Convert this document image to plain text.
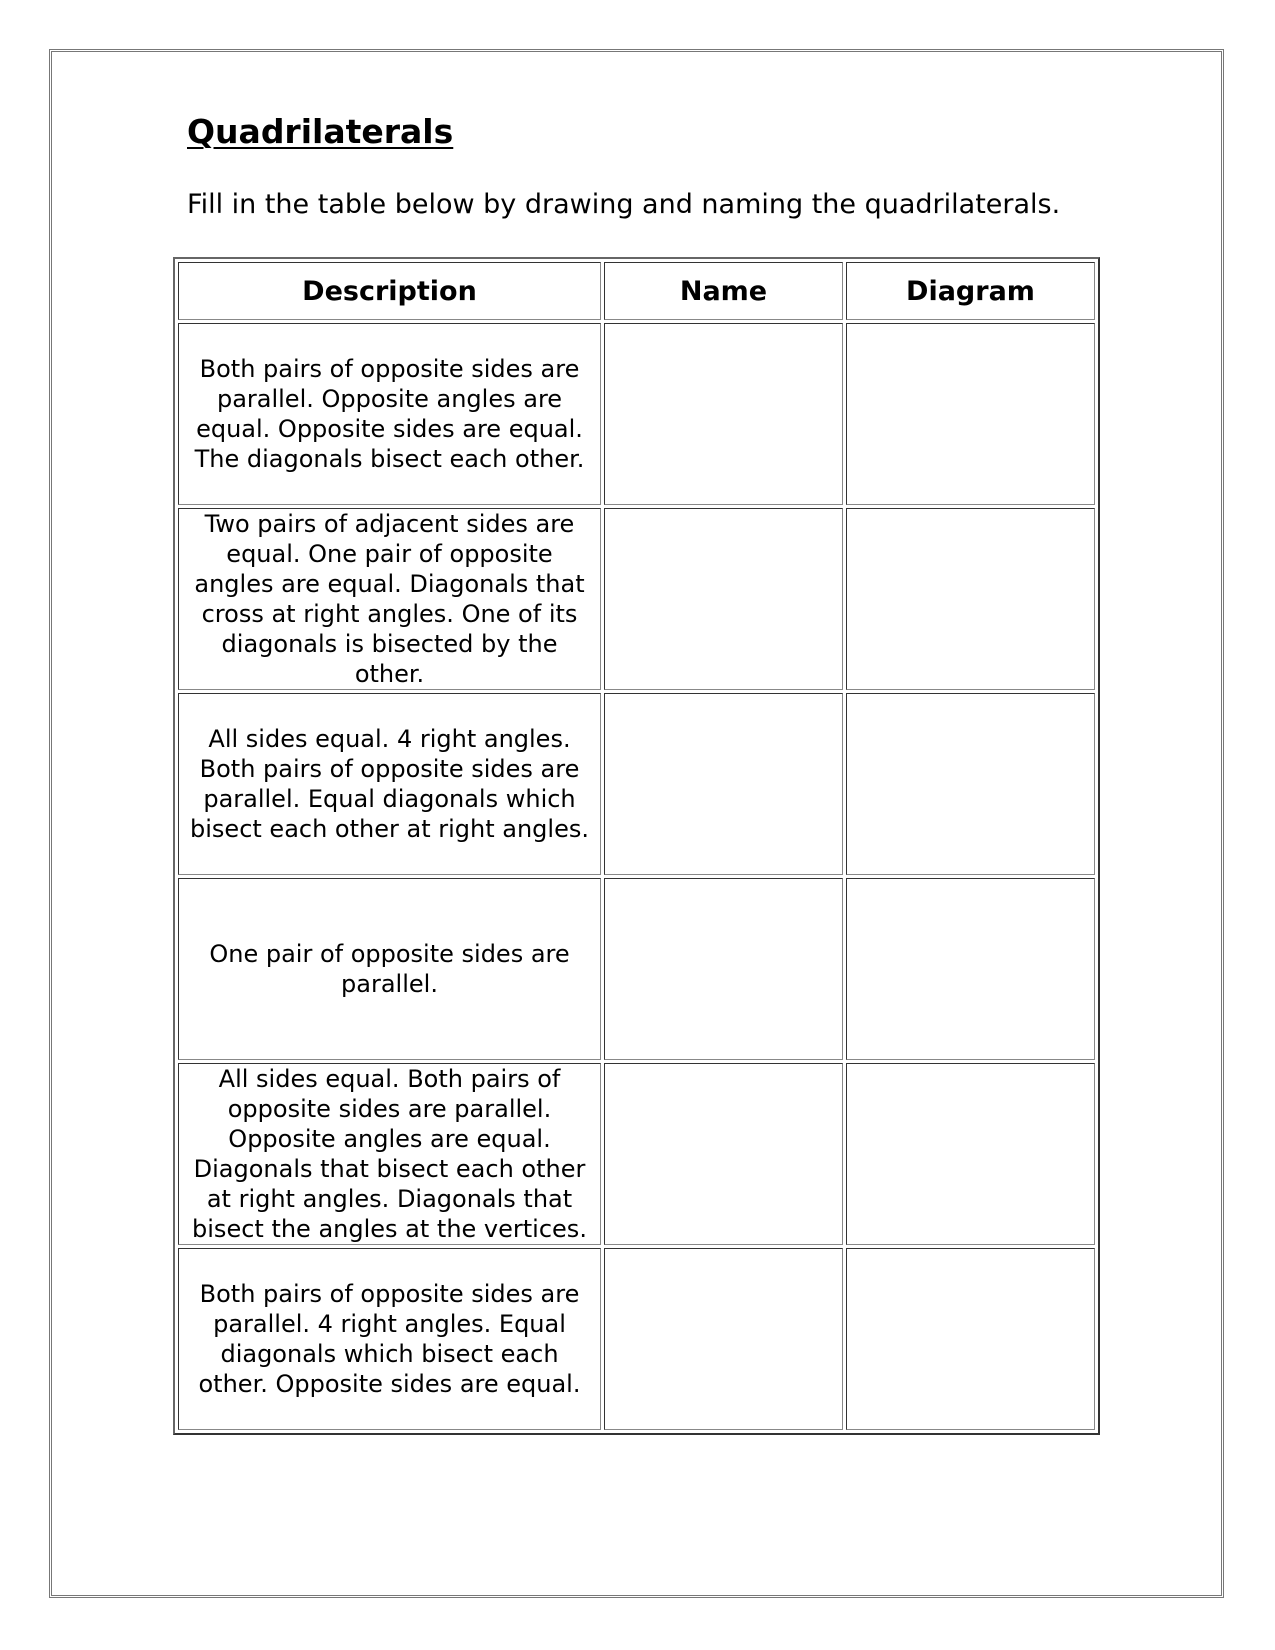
Quadrilaterals

Fill in the table below by drawing and naming the quadrilaterals.

Description	Name	Diagram
Both pairs of opposite sides are parallel. Opposite angles are equal. Opposite sides are equal. The diagonals bisect each other.		
Two pairs of adjacent sides are equal. One pair of opposite angles are equal. Diagonals that cross at right angles. One of its diagonals is bisected by the other.		
All sides equal. 4 right angles. Both pairs of opposite sides are parallel. Equal diagonals which bisect each other at right angles.		
One pair of opposite sides are parallel.		
All sides equal. Both pairs of opposite sides are parallel. Opposite angles are equal. Diagonals that bisect each other at right angles. Diagonals that bisect the angles at the vertices.		
Both pairs of opposite sides are parallel. 4 right angles. Equal diagonals which bisect each other. Opposite sides are equal.		
